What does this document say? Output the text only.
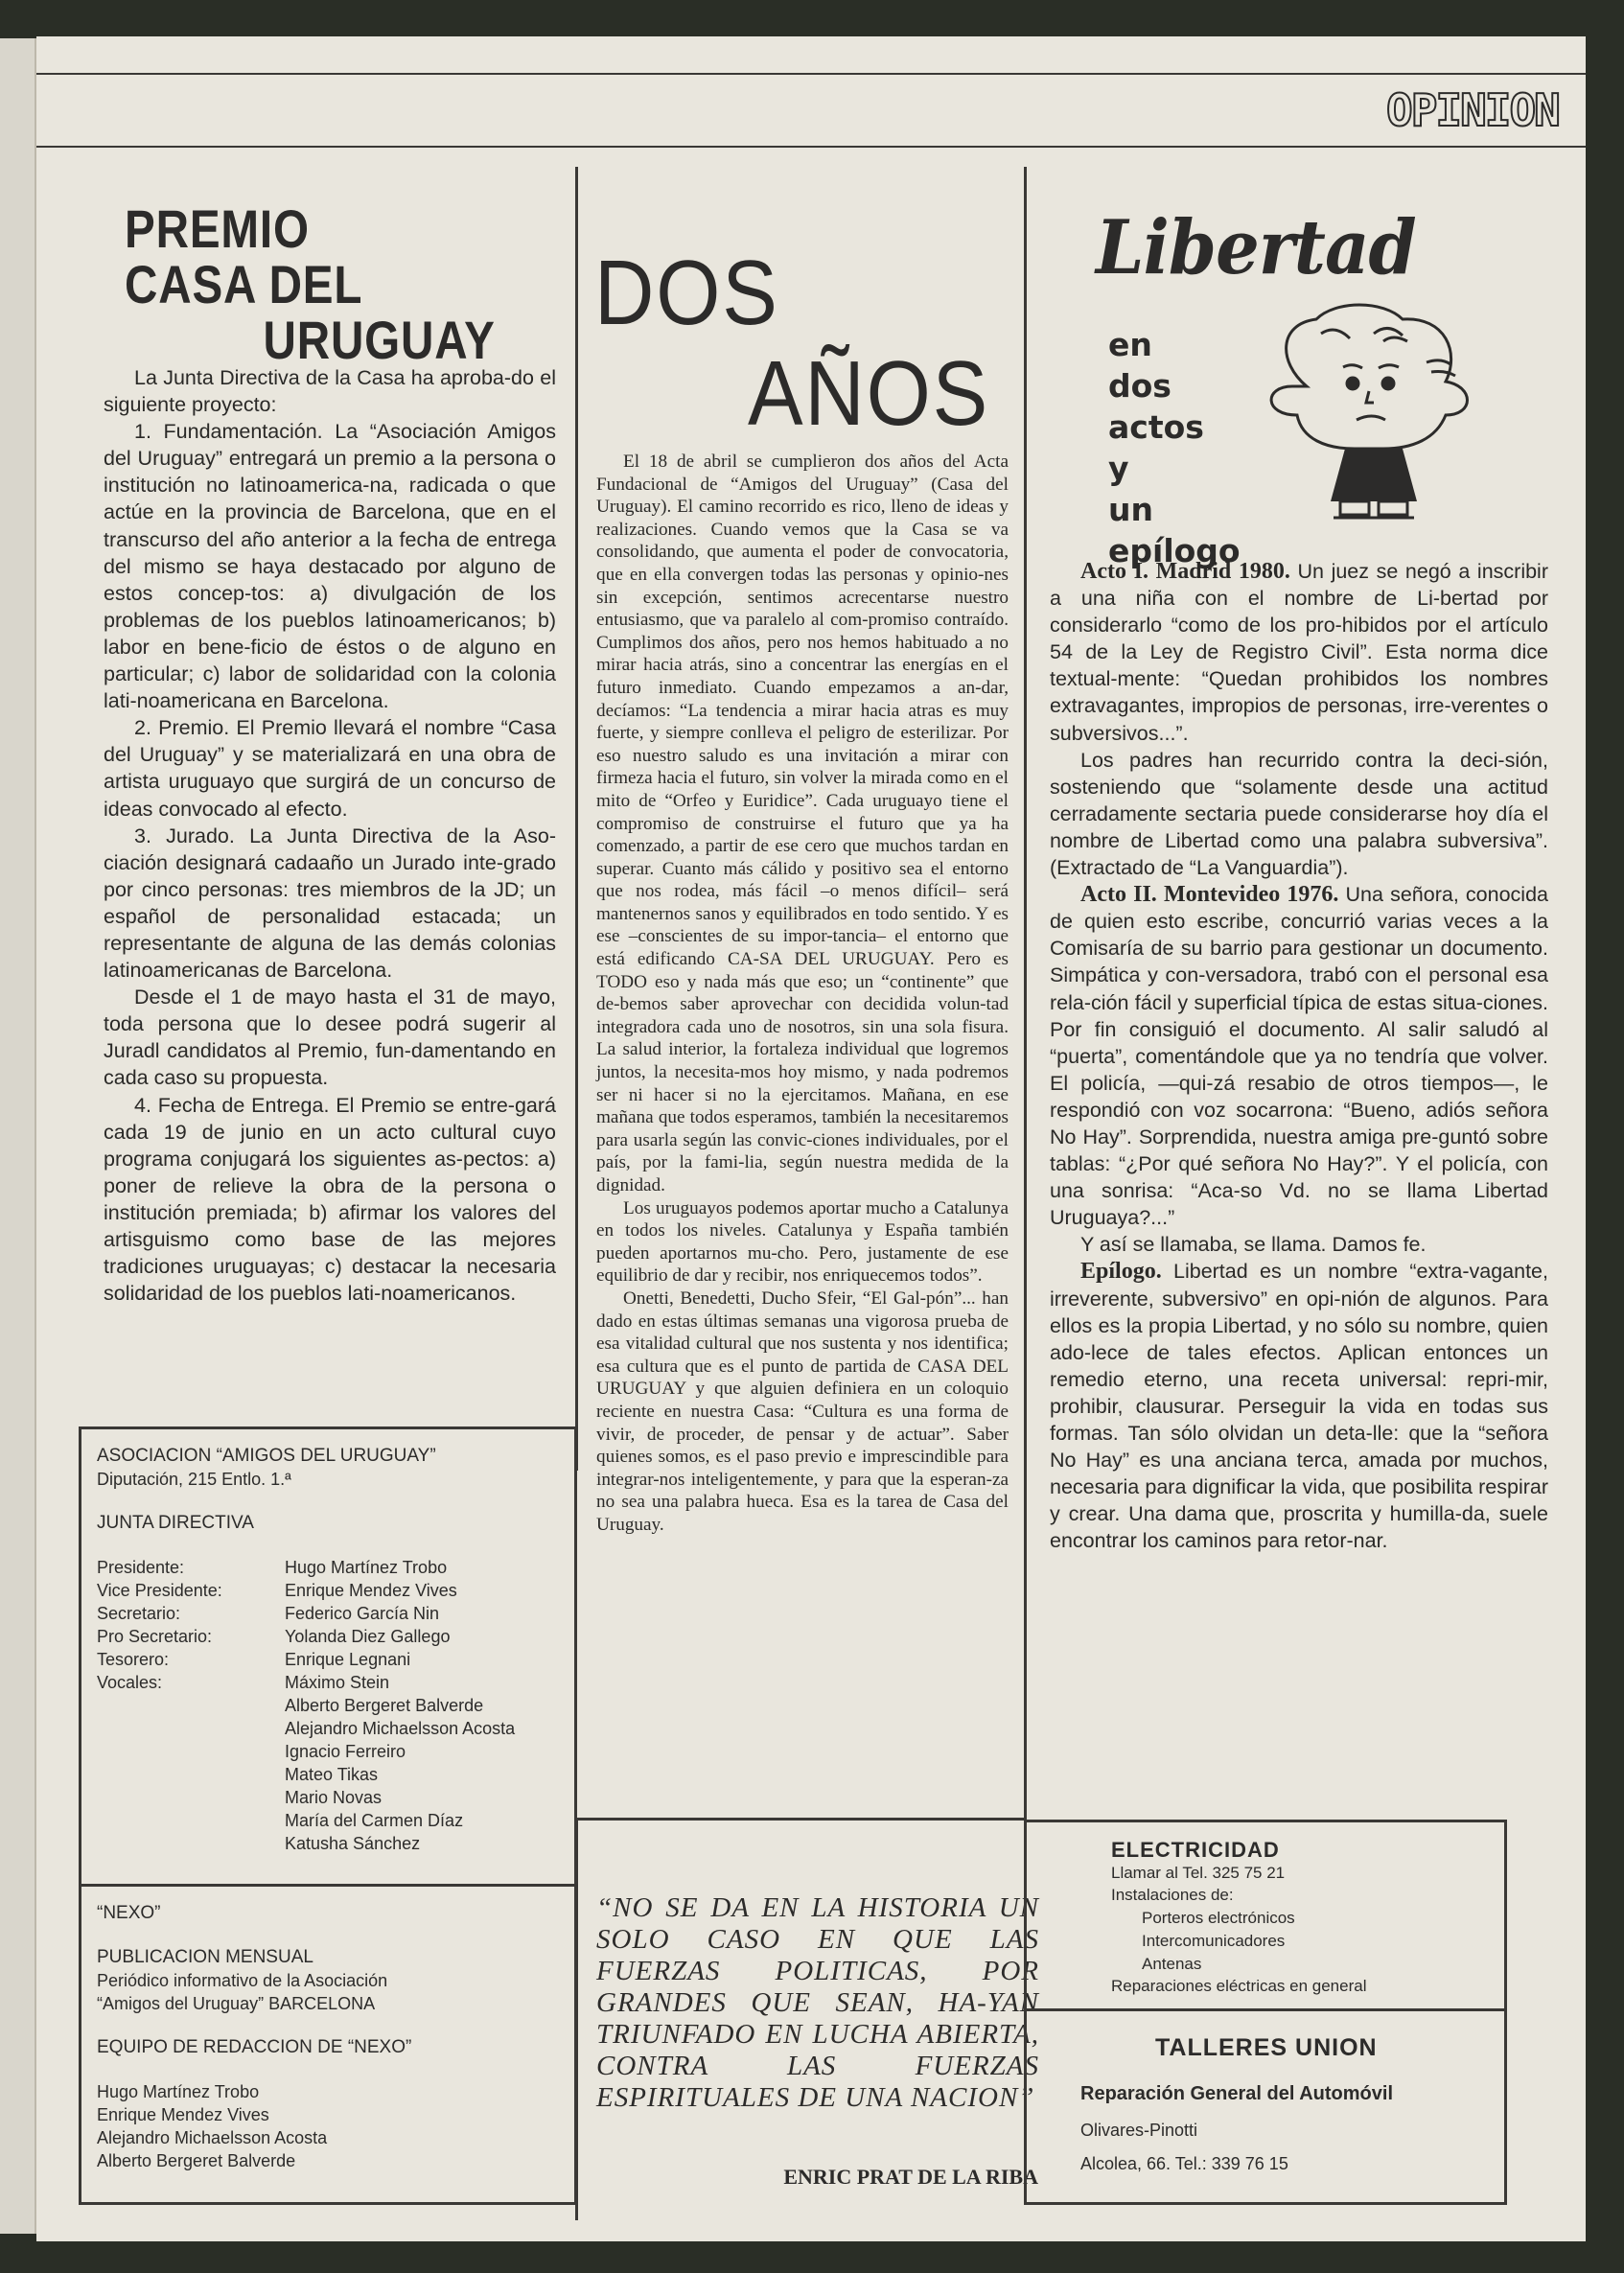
OPINION
PREMIO
CASA DEL
URUGUAY

La Junta Directiva de la Casa ha aproba-do el siguiente proyecto:

1. Fundamentación. La “Asociación Amigos del Uruguay” entregará un premio a la persona o institución no latinoamerica-na, radicada o que actúe en la provincia de Barcelona, que en el transcurso del año anterior a la fecha de entrega del mismo se haya destacado por alguno de estos concep-tos: a) divulgación de los problemas de los pueblos latinoamericanos; b) labor en bene-ficio de éstos o de alguno en particular; c) labor de solidaridad con la colonia lati-noamericana en Barcelona.

2. Premio. El Premio llevará el nombre “Casa del Uruguay” y se materializará en una obra de artista uruguayo que surgirá de un concurso de ideas convocado al efecto.

3. Jurado. La Junta Directiva de la Aso-ciación designará cadaaño un Jurado inte-grado por cinco personas: tres miembros de la JD; un español de personalidad estacada; un representante de alguna de las demás colonias latinoamericanas de Barcelona.

Desde el 1 de mayo hasta el 31 de mayo, toda persona que lo desee podrá sugerir al Juradl candidatos al Premio, fun-damentando en cada caso su propuesta.

4. Fecha de Entrega. El Premio se entre-gará cada 19 de junio en un acto cultural cuyo programa conjugará los siguientes as-pectos: a) poner de relieve la obra de la persona o institución premiada; b) afirmar los valores del artisguismo como base de las mejores tradiciones uruguayas; c) destacar la necesaria solidaridad de los pueblos lati-noamericanos.

ASOCIACION “AMIGOS DEL URUGUAY”
Diputación, 215 Entlo. 1.ª
JUNTA DIRECTIVA
Presidente:	Hugo Martínez Trobo
Vice Presidente:	Enrique Mendez Vives
Secretario:	Federico García Nin
Pro Secretario:	Yolanda Diez Gallego
Tesorero:	Enrique Legnani
Vocales:	Máximo Stein
Alberto Bergeret Balverde
Alejandro Michaelsson Acosta
Ignacio Ferreiro
Mateo Tikas
Mario Novas
María del Carmen Díaz
Katusha Sánchez
“NEXO”
PUBLICACION MENSUAL
Periódico informativo de la Asociación
“Amigos del Uruguay” BARCELONA
EQUIPO DE REDACCION DE “NEXO”
Hugo Martínez Trobo
Enrique Mendez Vives
Alejandro Michaelsson Acosta
Alberto Bergeret Balverde
DOS
AÑOS

El 18 de abril se cumplieron dos años del Acta Fundacional de “Amigos del Uruguay” (Casa del Uruguay). El camino recorrido es rico, lleno de ideas y realizaciones. Cuando vemos que la Casa se va consolidando, que aumenta el poder de convocatoria, que en ella convergen todas las personas y opinio-nes sin excepción, sentimos acrecentarse nuestro entusiasmo, que va paralelo al com-promiso contraído. Cumplimos dos años, pero nos hemos habituado a no mirar hacia atrás, sino a concentrar las energías en el futuro inmediato. Cuando empezamos a an-dar, decíamos: “La tendencia a mirar hacia atras es muy fuerte, y siempre conlleva el peligro de esterilizar. Por eso nuestro saludo es una invitación a mirar con firmeza hacia el futuro, sin volver la mirada como en el mito de “Orfeo y Euridice”. Cada uruguayo tiene el compromiso de construirse el futuro que ya ha comenzado, a partir de ese cero que muchos tardan en superar. Cuanto más cálido y positivo sea el entorno que nos rodea, más fácil –o menos difícil– será mantenernos sanos y equilibrados en todo sentido. Y es ese –conscientes de su impor-tancia– el entorno que está edificando CA-SA DEL URUGUAY. Pero es TODO eso y nada más que eso; un “continente” que de-bemos saber aprovechar con decidida volun-tad integradora cada uno de nosotros, sin una sola fisura. La salud interior, la fortaleza individual que logremos juntos, la necesita-mos hoy mismo, y nada podremos ser ni hacer si no la ejercitamos. Mañana, en ese mañana que todos esperamos, también la necesitaremos para usarla según las convic-ciones individuales, por el país, por la fami-lia, según nuestra medida de la dignidad.

Los uruguayos podemos aportar mucho a Catalunya en todos los niveles. Catalunya y España también pueden aportarnos mu-cho. Pero, justamente de ese equilibrio de dar y recibir, nos enriquecemos todos”.

Onetti, Benedetti, Ducho Sfeir, “El Gal-pón”... han dado en estas últimas semanas una vigorosa prueba de esa vitalidad cultural que nos sustenta y nos identifica; esa cultura que es el punto de partida de CASA DEL URUGUAY y que alguien definiera en un coloquio reciente en nuestra Casa: “Cultura es una forma de vivir, de proceder, de pensar y de actuar”. Saber quienes somos, es el paso previo e imprescindible para integrar-nos inteligentemente, y para que la esperan-za no sea una palabra hueca. Esa es la tarea de Casa del Uruguay.

“NO SE DA EN LA HISTORIA UN SOLO CASO EN QUE LAS FUERZAS POLITICAS, POR GRANDES QUE SEAN, HA-YAN TRIUNFADO EN LUCHA ABIERTA, CONTRA LAS FUERZAS ESPIRITUALES DE UNA NACION”
ENRIC PRAT DE LA RIBA
Libertad
en
dos
actos
y
un
epílogo

Acto I. Madrid 1980. Un juez se negó a inscribir a una niña con el nombre de Li-bertad por considerarlo “como de los pro-hibidos por el artículo 54 de la Ley de Registro Civil”. Esta norma dice textual-mente: “Quedan prohibidos los nombres extravagantes, impropios de personas, irre-verentes o subversivos...”.

Los padres han recurrido contra la deci-sión, sosteniendo que “solamente desde una actitud cerradamente sectaria puede considerarse hoy día el nombre de Libertad como una palabra subversiva”. (Extractado de “La Vanguardia”).

Acto II. Montevideo 1976. Una señora, conocida de quien esto escribe, concurrió varias veces a la Comisaría de su barrio para gestionar un documento. Simpática y con-versadora, trabó con el personal esa rela-ción fácil y superficial típica de estas situa-ciones. Por fin consiguió el documento. Al salir saludó al “puerta”, comentándole que ya no tendría que volver. El policía, —qui-zá resabio de otros tiempos—, le respondió con voz socarrona: “Bueno, adiós señora No Hay”. Sorprendida, nuestra amiga pre-guntó sobre tablas: “¿Por qué señora No Hay?”. Y el policía, con una sonrisa: “Aca-so Vd. no se llama Libertad Uruguaya?...”

Y así se llamaba, se llama. Damos fe.

Epílogo. Libertad es un nombre “extra-vagante, irreverente, subversivo” en opi-nión de algunos. Para ellos es la propia Libertad, y no sólo su nombre, quien ado-lece de tales efectos. Aplican entonces un remedio eterno, una receta universal: repri-mir, prohibir, clausurar. Perseguir la vida en todas sus formas. Tan sólo olvidan un deta-lle: que la “señora No Hay” es una anciana terca, amada por muchos, necesaria para dignificar la vida, que posibilita respirar y crear. Una dama que, proscrita y humilla-da, suele encontrar los caminos para retor-nar.

ELECTRICIDAD
Llamar al Tel. 325 75 21
Instalaciones de:
Porteros electrónicos
Intercomunicadores
Antenas
Reparaciones eléctricas en general
TALLERES UNION
Reparación General del Automóvil
Olivares-Pinotti
Alcolea, 66. Tel.: 339 76 15
